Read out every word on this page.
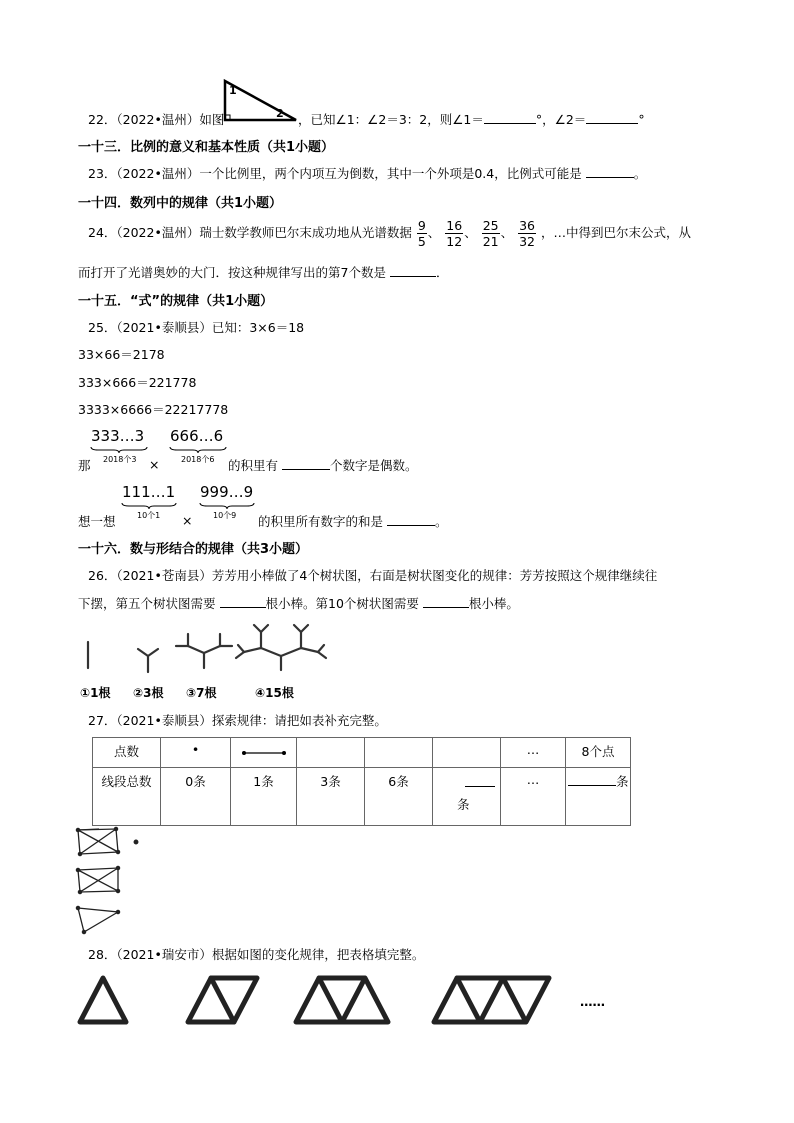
22．（2022•温州）如图
1
2 ，已知∠1：∠2＝3：2，则∠1＝	°，∠2＝	°
一十三．比例的意义和基本性质（共1小题）
23．（2022•温州）一个比例里，两个内项互为倒数，其中一个外项是0.4，比例式可能是	。
一十四．数列中的规律（共1小题）
24．（2022•温州）瑞士数学教师巴尔末成功地从光谱数据 $\frac{9}{5}$ 、 $\frac{16}{12}$ 、 $\frac{25}{21}$ 、 $\frac{36}{32}$ ，…中得到巴尔末公式，从
而打开了光谱奥妙的大门．按这种规律写出的第7个数是	．
一十五．“式”的规律（共1小题）
25．（2021•泰顺县）已知：3×6＝18
33×66＝2178
333×666＝221778
3333×6666＝22217778
那
333…3
2018个3 ×
666…6
2018个6 的积里有	个数字是偶数。
想一想
111…1
10个1 ×
999…9
10个9 的积里所有数字的和是	。
一十六．数与形结合的规律（共3小题）
26．（2021•苍南县）芳芳用小棒做了4个树状图，右面是树状图变化的规律：芳芳按照这个规律继续往
下摆，第五个树状图需要	根小棒。第10个树状图需要	根小棒。
①1根 ②3根 ③7根	④15根
27．（2021•泰顺县）探索规律：请把如表补充完整。
点数	•					…	8个点
线段总数	0条	1条	3条	6条	条	…	条
28．（2021•瑞安市）根据如图的变化规律，把表格填完整。
……
